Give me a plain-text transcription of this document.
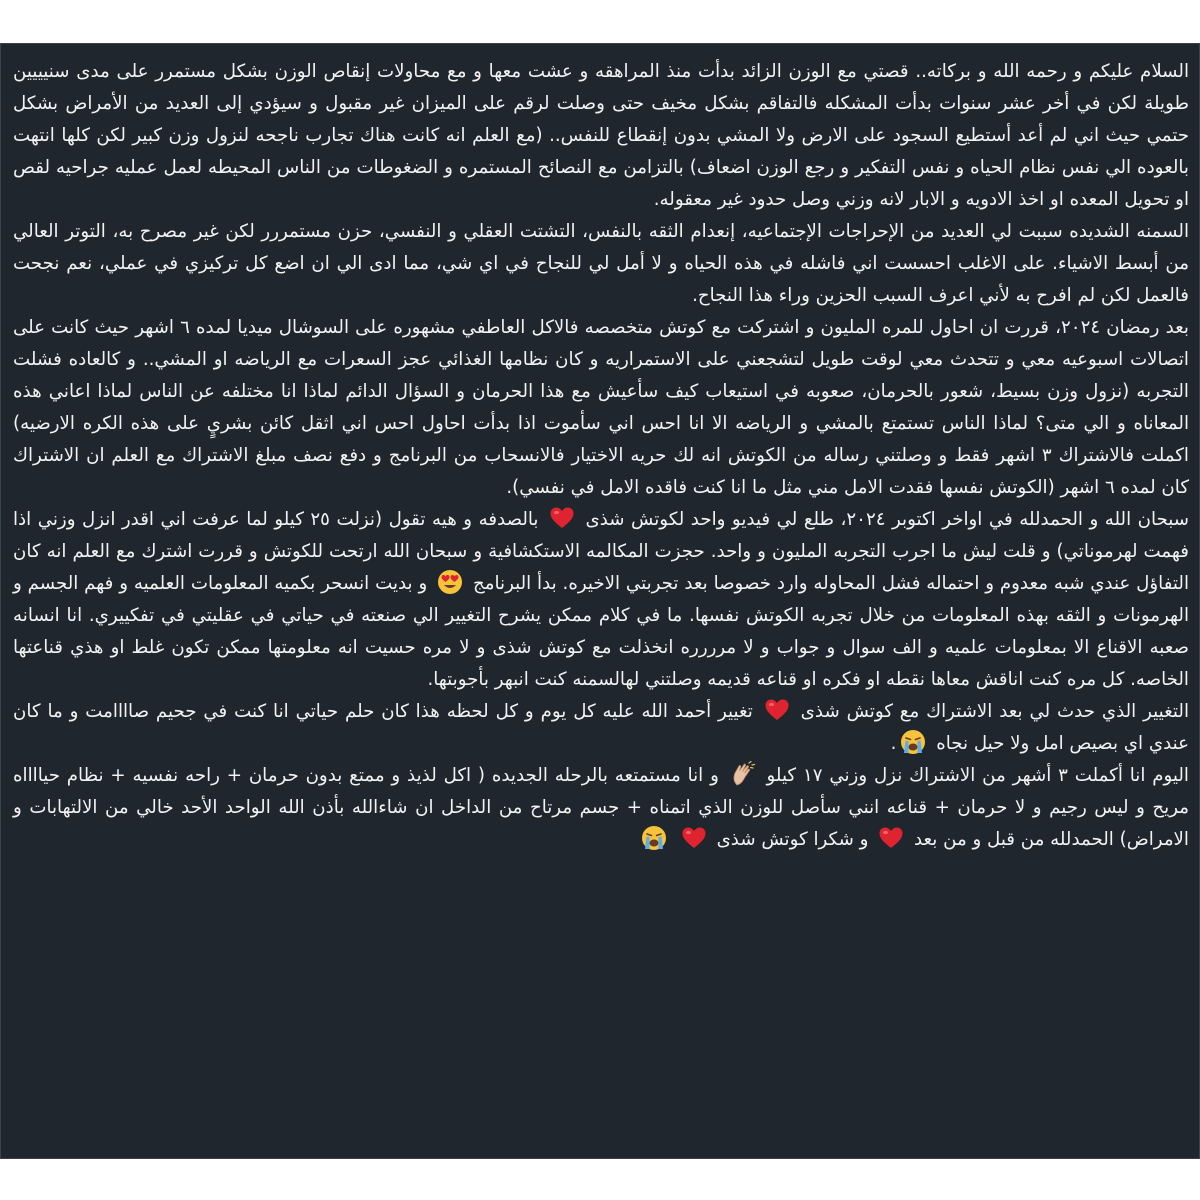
السلام عليكم و رحمه الله و بركاته.. قصتي مع الوزن الزائد بدأت منذ المراهقه و عشت معها و مع محاولات إنقاص الوزن بشكل مستمرر على مدى سنيييين طويلة لكن في أخر عشر سنوات بدأت المشكله فالتفاقم بشكل مخيف حتى وصلت لرقم على الميزان غير مقبول و سيؤدي إلى العديد من الأمراض بشكل حتمي حيث اني لم أعد أستطيع السجود على الارض ولا المشي بدون إنقطاع للنفس.. (مع العلم انه كانت هناك تجارب ناجحه لنزول وزن كبير لكن كلها انتهت بالعوده الي نفس نظام الحياه و نفس التفكير و رجع الوزن اضعاف) بالتزامن مع النصائح المستمره و الضغوطات من الناس المحيطه لعمل عمليه جراحيه لقص او تحويل المعده او اخذ الادويه و الابار لانه وزني وصل حدود غير معقوله.

السمنه الشديده سببت لي العديد من الإحراجات الإجتماعيه، إنعدام الثقه بالنفس، التشتت العقلي و النفسي، حزن مستمررر لكن غير مصرح به، التوتر العالي من أبسط الاشياء. على الاغلب احسست اني فاشله في هذه الحياه و لا أمل لي للنجاح في اي شي، مما ادى الي ان اضع كل تركيزي في عملي، نعم نجحت فالعمل لكن لم افرح به لأني اعرف السبب الحزين وراء هذا النجاح.

بعد رمضان ٢٠٢٤، قررت ان احاول للمره المليون و اشتركت مع كوتش متخصصه فالاكل العاطفي مشهوره على السوشال ميديا لمده ٦ اشهر حيث كانت على اتصالات اسبوعيه معي و تتحدث معي لوقت طويل لتشجعني على الاستمراريه و كان نظامها الغذائي عجز السعرات مع الرياضه او المشي.. و كالعاده فشلت التجربه (نزول وزن بسيط، شعور بالحرمان، صعوبه في استيعاب كيف سأعيش مع هذا الحرمان و السؤال الدائم لماذا انا مختلفه عن الناس لماذا اعاني هذه المعاناه و الي متى؟ لماذا الناس تستمتع بالمشي و الرياضه الا انا احس اني سأموت اذا بدأت احاول احس اني اثقل كائن بشريٍ على هذه الكره الارضيه) اكملت فالاشتراك ٣ اشهر فقط و وصلتني رساله من الكوتش انه لك حريه الاختيار فالانسحاب من البرنامج و دفع نصف مبلغ الاشتراك مع العلم ان الاشتراك كان لمده ٦ اشهر (الكوتش نفسها فقدت الامل مني مثل ما انا كنت فاقده الامل في نفسي).

سبحان الله و الحمدلله في اواخر اكتوبر ٢٠٢٤، طلع لي فيديو واحد لكوتش شذى
بالصدفه و هيه تقول (نزلت ٢٥ كيلو لما عرفت اني اقدر انزل وزني اذا فهمت لهرموناتي) و قلت ليش ما اجرب التجربه المليون و واحد. حجزت المكالمه الاستكشافية و سبحان الله ارتحت للكوتش و قررت اشترك مع العلم انه كان التفاؤل عندي شبه معدوم و احتماله فشل المحاوله وارد خصوصا بعد تجربتي الاخيره. بدأ البرنامج
و بديت انسحر بكميه المعلومات العلميه و فهم الجسم و الهرمونات و الثقه بهذه المعلومات من خلال تجربه الكوتش نفسها. ما في كلام ممكن يشرح التغيير الي صنعته في حياتي في عقليتي في تفكييري. انا انسانه صعبه الاقناع الا بمعلومات علميه و الف سوال و جواب و لا مرررره انخذلت مع كوتش شذى و لا مره حسيت انه معلومتها ممكن تكون غلط او هذي قناعتها الخاصه. كل مره كنت اناقش معاها نقطه او فكره او قناعه قديمه وصلتني لهالسمنه كنت انبهر بأجوبتها.

التغيير الذي حدث لي بعد الاشتراك مع كوتش شذى
تغيير أحمد الله عليه كل يوم و كل لحظه هذا كان حلم حياتي انا كنت في جحيم صاااامت و ما كان عندي اي بصيص امل ولا حيل نجاه
.

اليوم انا أكملت ٣ أشهر من الاشتراك نزل وزني ١٧ كيلو
و انا مستمتعه بالرحله الجديده ( اكل لذيذ و ممتع بدون حرمان + راحه نفسيه + نظام حيااااه مريح و ليس رجيم و لا حرمان + قناعه انني سأصل للوزن الذي اتمناه + جسم مرتاح من الداخل ان شاءالله بأذن الله الواحد الأحد خالي من الالتهابات و الامراض) الحمدلله من قبل و من بعد
و شكرا كوتش شذى
